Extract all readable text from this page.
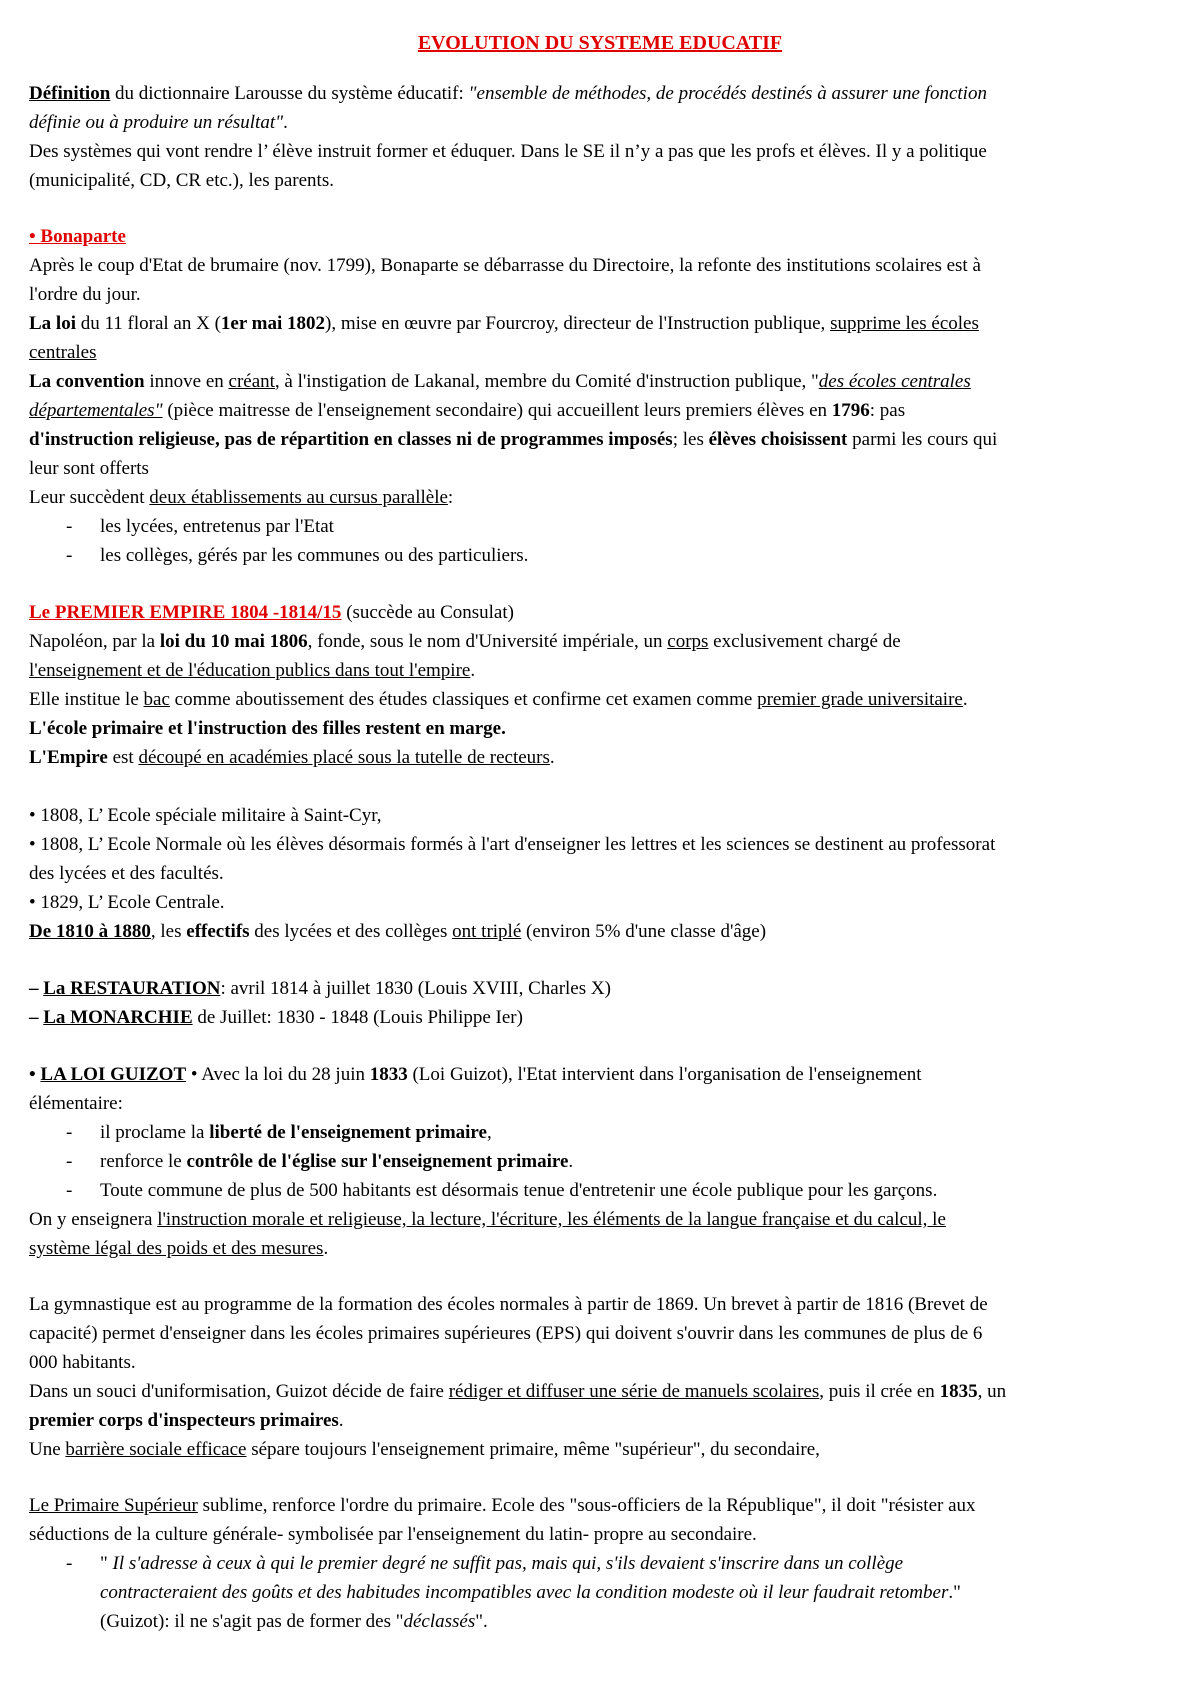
EVOLUTION DU SYSTEME EDUCATIF
Définition du dictionnaire Larousse du système éducatif: "ensemble de méthodes, de procédés destinés à assurer une fonction
définie ou à produire un résultat".
Des systèmes qui vont rendre l’ élève instruit former et éduquer. Dans le SE il n’y a pas que les profs et élèves. Il y a politique
(municipalité, CD, CR etc.), les parents.
• Bonaparte
Après le coup d'Etat de brumaire (nov. 1799), Bonaparte se débarrasse du Directoire, la refonte des institutions scolaires est à
l'ordre du jour.
La loi du 11 floral an X (1er mai 1802), mise en œuvre par Fourcroy, directeur de l'Instruction publique, supprime les écoles
centrales
La convention innove en créant, à l'instigation de Lakanal, membre du Comité d'instruction publique, "des écoles centrales
départementales" (pièce maitresse de l'enseignement secondaire) qui accueillent leurs premiers élèves en 1796: pas
d'instruction religieuse, pas de répartition en classes ni de programmes imposés; les élèves choisissent parmi les cours qui
leur sont offerts
Leur succèdent deux établissements au cursus parallèle:
- les lycées, entretenus par l'Etat
- les collèges, gérés par les communes ou des particuliers.
Le PREMIER EMPIRE 1804 -1814/15 (succède au Consulat)
Napoléon, par la loi du 10 mai 1806, fonde, sous le nom d'Université impériale, un corps exclusivement chargé de
l'enseignement et de l'éducation publics dans tout l'empire.
Elle institue le bac comme aboutissement des études classiques et confirme cet examen comme premier grade universitaire.
L'école primaire et l'instruction des filles restent en marge.
L'Empire est découpé en académies placé sous la tutelle de recteurs.
• 1808, L’ Ecole spéciale militaire à Saint-Cyr,
• 1808, L’ Ecole Normale où les élèves désormais formés à l'art d'enseigner les lettres et les sciences se destinent au professorat
des lycées et des facultés.
• 1829, L’ Ecole Centrale.
De 1810 à 1880, les effectifs des lycées et des collèges ont triplé (environ 5% d'une classe d'âge)
– La RESTAURATION: avril 1814 à juillet 1830 (Louis XVIII, Charles X)
– La MONARCHIE de Juillet: 1830 - 1848 (Louis Philippe Ier)
• LA LOI GUIZOT • Avec la loi du 28 juin 1833 (Loi Guizot), l'Etat intervient dans l'organisation de l'enseignement
élémentaire:
- il proclame la liberté de l'enseignement primaire,
- renforce le contrôle de l'église sur l'enseignement primaire.
- Toute commune de plus de 500 habitants est désormais tenue d'entretenir une école publique pour les garçons.
On y enseignera l'instruction morale et religieuse, la lecture, l'écriture, les éléments de la langue française et du calcul, le
système légal des poids et des mesures.
La gymnastique est au programme de la formation des écoles normales à partir de 1869. Un brevet à partir de 1816 (Brevet de
capacité) permet d'enseigner dans les écoles primaires supérieures (EPS) qui doivent s'ouvrir dans les communes de plus de 6
000 habitants.
Dans un souci d'uniformisation, Guizot décide de faire rédiger et diffuser une série de manuels scolaires, puis il crée en 1835, un
premier corps d'inspecteurs primaires.
Une barrière sociale efficace sépare toujours l'enseignement primaire, même "supérieur", du secondaire,
Le Primaire Supérieur sublime, renforce l'ordre du primaire. Ecole des "sous-officiers de la République", il doit "résister aux
séductions de la culture générale- symbolisée par l'enseignement du latin- propre au secondaire.
- " Il s'adresse à ceux à qui le premier degré ne suffit pas, mais qui, s'ils devaient s'inscrire dans un collège
contracteraient des goûts et des habitudes incompatibles avec la condition modeste où il leur faudrait retomber."
(Guizot): il ne s'agit pas de former des "déclassés".
